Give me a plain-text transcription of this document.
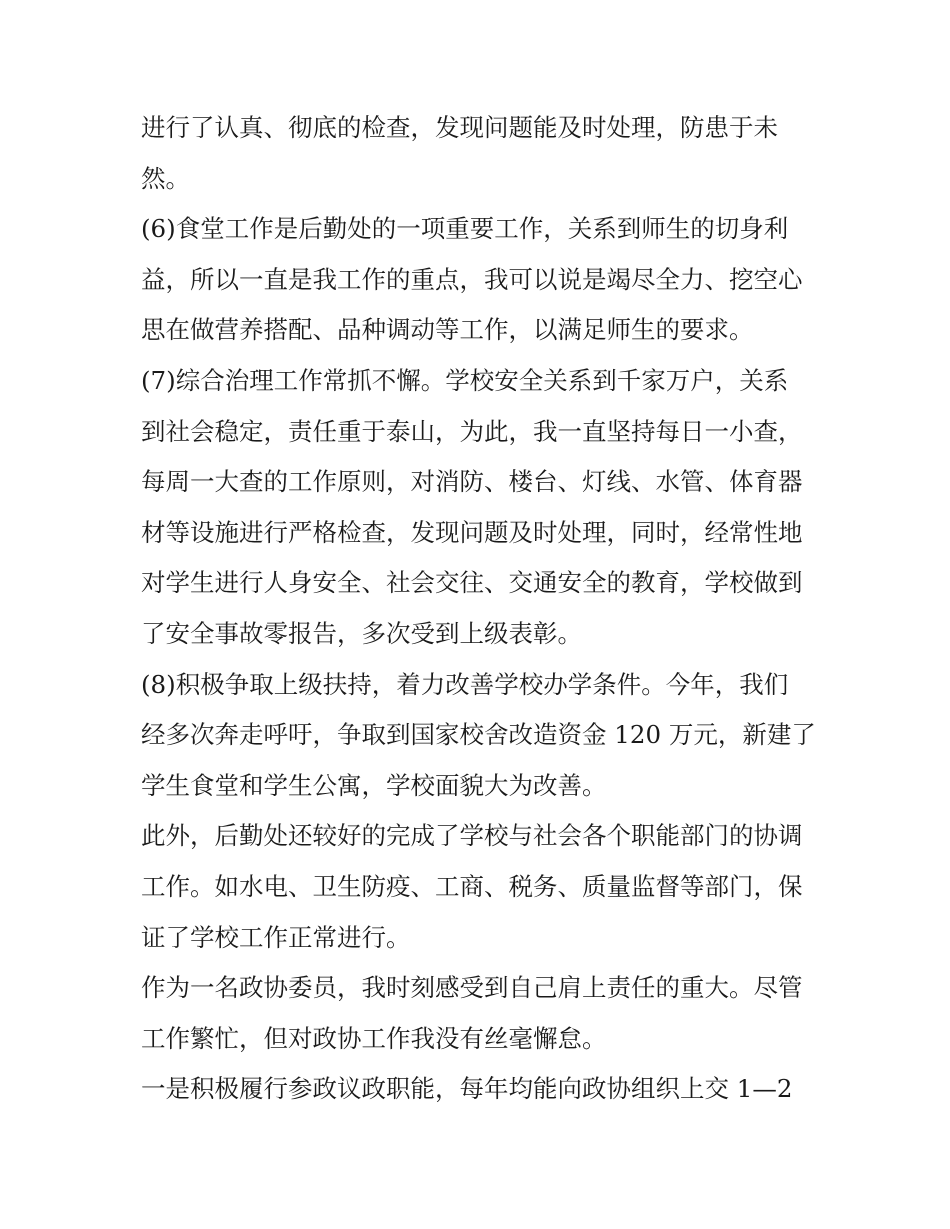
进行了认真、彻底的检查，发现问题能及时处理，防患于未
然。
(6)食堂工作是后勤处的一项重要工作，关系到师生的切身利
益，所以一直是我工作的重点，我可以说是竭尽全力、挖空心
思在做营养搭配、品种调动等工作，以满足师生的要求。
(7)综合治理工作常抓不懈。学校安全关系到千家万户，关系
到社会稳定，责任重于泰山，为此，我一直坚持每日一小查，
每周一大查的工作原则，对消防、楼台、灯线、水管、体育器
材等设施进行严格检查，发现问题及时处理，同时，经常性地
对学生进行人身安全、社会交往、交通安全的教育，学校做到
了安全事故零报告，多次受到上级表彰。
(8)积极争取上级扶持，着力改善学校办学条件。今年，我们
经多次奔走呼吁，争取到国家校舍改造资金 120 万元，新建了
学生食堂和学生公寓，学校面貌大为改善。
此外，后勤处还较好的完成了学校与社会各个职能部门的协调
工作。如水电、卫生防疫、工商、税务、质量监督等部门，保
证了学校工作正常进行。
作为一名政协委员，我时刻感受到自己肩上责任的重大。尽管
工作繁忙，但对政协工作我没有丝毫懈怠。
一是积极履行参政议政职能，每年均能向政协组织上交 1—2
